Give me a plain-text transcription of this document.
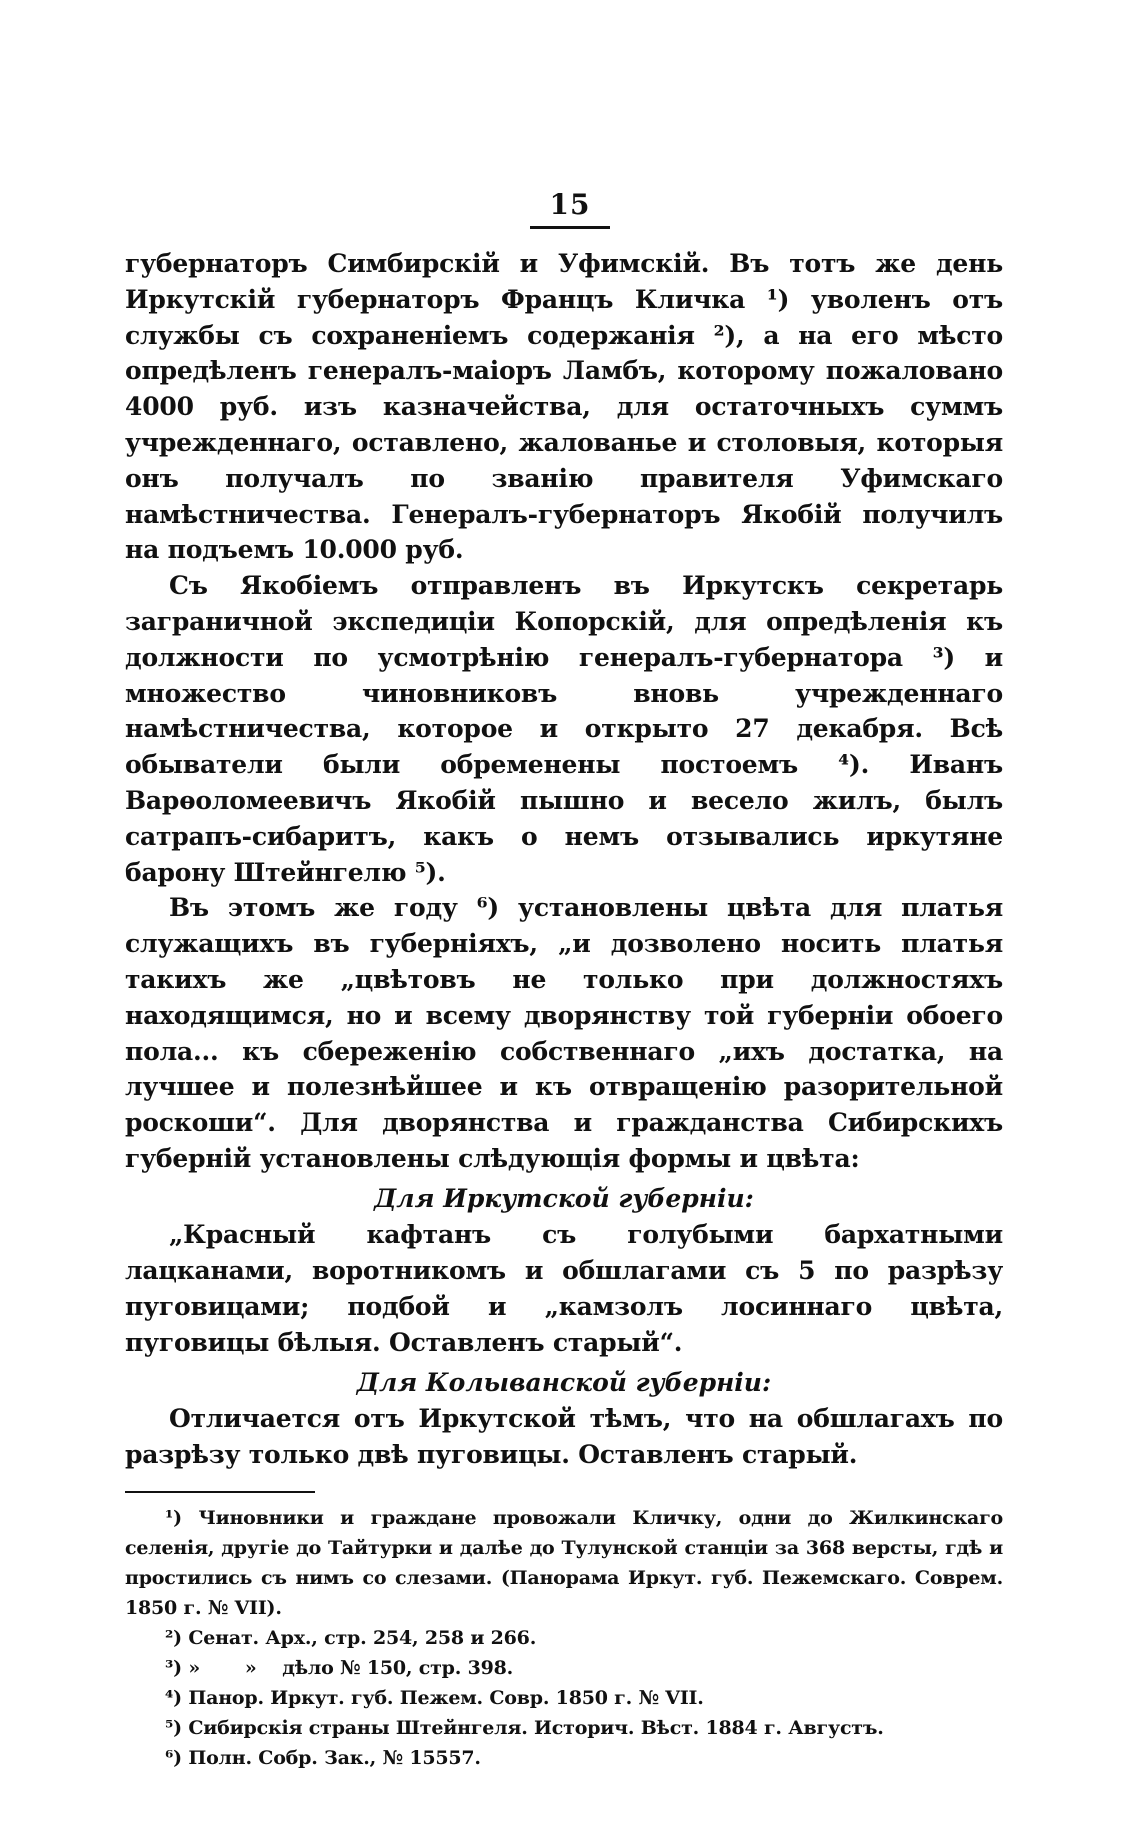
15

губернаторъ Симбирскій и Уфимскій. Въ тотъ же день Иркутскій губернаторъ Францъ Кличка ¹) уволенъ отъ службы съ сохраненіемъ содержанія ²), а на его мѣсто опредѣленъ генералъ-маіоръ Ламбъ, которому пожаловано 4000 руб. изъ казначейства, для остаточныхъ суммъ учрежденнаго, оставлено, жалованье и столовыя, которыя онъ получалъ по званію правителя Уфимскаго намѣстничества. Генералъ-губернаторъ Якобій получилъ на подъемъ 10.000 руб.

Съ Якобіемъ отправленъ въ Иркутскъ секретарь заграничной экспедиціи Копорскій, для опредѣленія къ должности по усмотрѣнію генералъ-губернатора ³) и множество чиновниковъ вновь учрежденнаго намѣстничества, которое и открыто 27 декабря. Всѣ обыватели были обременены постоемъ ⁴). Иванъ Варѳоломеевичъ Якобій пышно и весело жилъ, былъ сатрапъ-сибаритъ, какъ о немъ отзывались иркутяне барону Штейнгелю ⁵).

Въ этомъ же году ⁶) установлены цвѣта для платья служащихъ въ губерніяхъ, „и дозволено носить платья такихъ же „цвѣтовъ не только при должностяхъ находящимся, но и всему дворянству той губерніи обоего пола... къ сбереженію собственнаго „ихъ достатка, на лучшее и полезнѣйшее и къ отвращенію разорительной роскоши“. Для дворянства и гражданства Сибирскихъ губерній установлены слѣдующія формы и цвѣта:

Для Иркутской губерніи:

„Красный кафтанъ съ голубыми бархатными лацканами, воротникомъ и обшлагами съ 5 по разрѣзу пуговицами; подбой и „камзолъ лосиннаго цвѣта, пуговицы бѣлыя. Оставленъ старый“.

Для Колыванской губерніи:

Отличается отъ Иркутской тѣмъ, что на обшлагахъ по разрѣзу только двѣ пуговицы. Оставленъ старый.

¹) Чиновники и граждане провожали Кличку, одни до Жилкинскаго селенія, другіе до Тайтурки и далѣе до Тулунской станціи за 368 версты, гдѣ и простились съ нимъ со слезами. (Панорама Иркут. губ. Пежемскаго. Соврем. 1850 г. № VII).

²) Сенат. Арх., стр. 254, 258 и 266.

³) »       »    дѣло № 150, стр. 398.

⁴) Панор. Иркут. губ. Пежем. Совр. 1850 г. № VII.

⁵) Сибирскія страны Штейнгеля. Историч. Вѣст. 1884 г. Августъ.

⁶) Полн. Собр. Зак., № 15557.
